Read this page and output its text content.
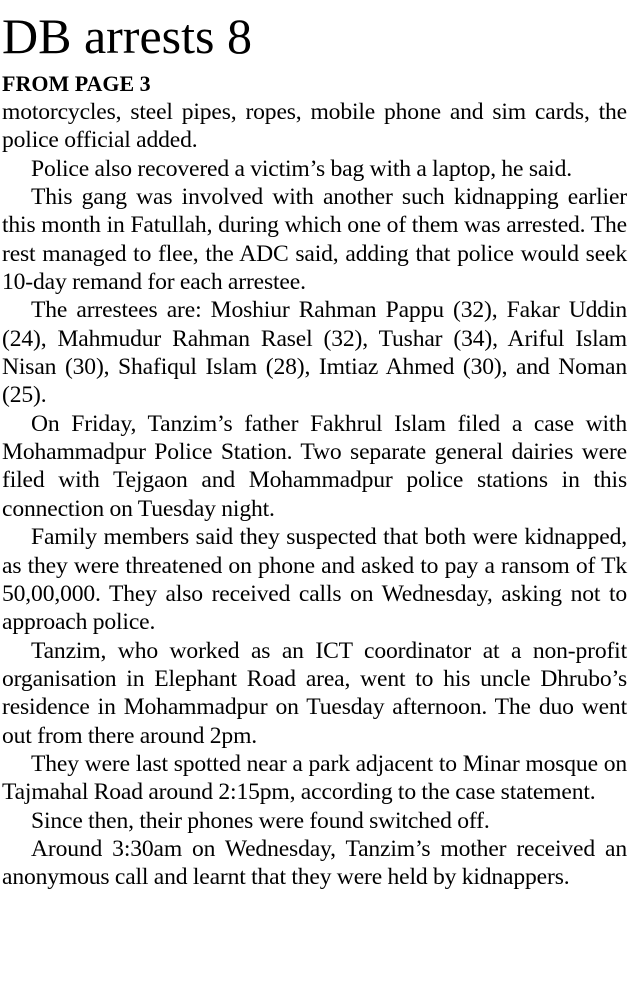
DB arrests 8
FROM PAGE 3

motorcycles, steel pipes, ropes, mobile phone and sim cards, the police official added.

Police also recovered a victim’s bag with a laptop, he said.

This gang was involved with another such kidnapping earlier this month in Fatullah, during which one of them was arrested. The rest managed to flee, the ADC said, adding that police would seek 10-day remand for each arrestee.

The arrestees are: Moshiur Rahman Pappu (32), Fakar Uddin (24), Mahmudur Rahman Rasel (32), Tushar (34), Ariful Islam Nisan (30), Shafiqul Islam (28), Imtiaz Ahmed (30), and Noman (25).

On Friday, Tanzim’s father Fakhrul Islam filed a case with Mohammadpur Police Station. Two separate general dairies were filed with Tejgaon and Mohammadpur police stations in this connection on Tuesday night.

Family members said they suspected that both were kidnapped, as they were threatened on phone and asked to pay a ransom of Tk 50,00,000. They also received calls on Wednesday, asking not to approach police.

Tanzim, who worked as an ICT coordinator at a non-profit organisation in Elephant Road area, went to his uncle Dhrubo’s residence in Mohammadpur on Tuesday afternoon. The duo went out from there around 2pm.

They were last spotted near a park adjacent to Minar mosque on Tajmahal Road around 2:15pm, according to the case statement.

Since then, their phones were found switched off.

Around 3:30am on Wednesday, Tanzim’s mother received an anonymous call and learnt that they were held by kidnappers.
